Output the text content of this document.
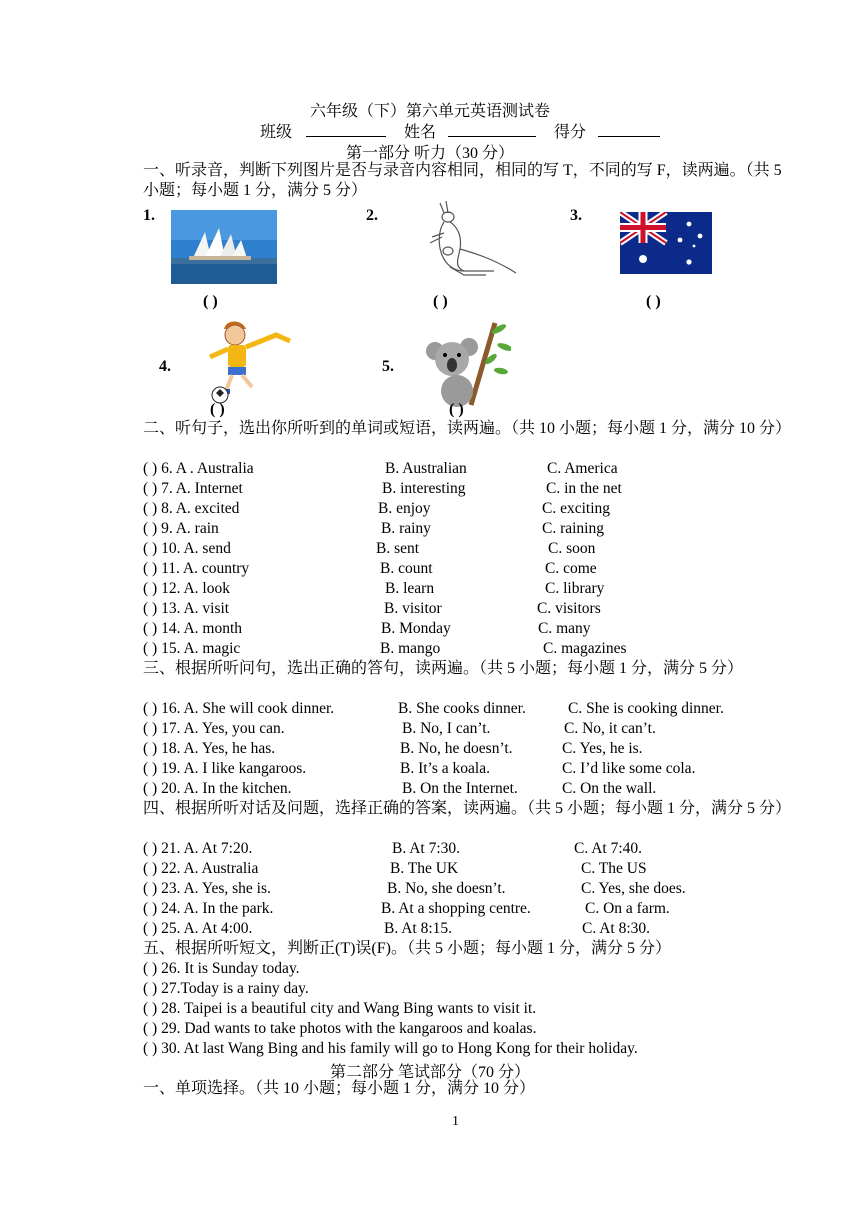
六年级（下）第六单元英语测试卷
班级	姓名	得分
第一部分 听力（30 分）
一、听录音，判断下列图片是否与录音内容相同，相同的写 T，不同的写 F，读两遍。（共 5 小题；每小题 1 分，满分 5 分）
1.	2.	3.
( )	( )	( )
4.	5.
( )	( )
二、听句子，选出你所听到的单词或短语，读两遍。（共 10 小题；每小题 1 分，满分 10 分）
( ) 6. A . Australia	B. Australian	C. America
( ) 7. A. Internet	B. interesting	C. in the net
( ) 8. A. excited	B. enjoy	C. exciting
( ) 9. A. rain	B. rainy	C. raining
( ) 10. A. send	B. sent	C. soon
( ) 11. A. country	B. count	C. come
( ) 12. A. look	B. learn	C. library
( ) 13. A. visit	B. visitor	C. visitors
( ) 14. A. month	B. Monday	C. many
( ) 15. A. magic	B. mango	C. magazines
三、根据所听问句，选出正确的答句，读两遍。（共 5 小题；每小题 1 分，满分 5 分）
( ) 16. A. She will cook dinner.	B. She cooks dinner.	C. She is cooking dinner.
( ) 17. A. Yes, you can.	B. No, I can’t.	C. No, it can’t.
( ) 18. A. Yes, he has.	B. No, he doesn’t.	C. Yes, he is.
( ) 19. A. I like kangaroos.	B. It’s a koala.	C. I’d like some cola.
( ) 20. A. In the kitchen.	B. On the Internet.	C. On the wall.
四、根据所听对话及问题，选择正确的答案，读两遍。（共 5 小题；每小题 1 分，满分 5 分）
( ) 21. A. At 7:20.	B. At 7:30.	C. At 7:40.
( ) 22. A. Australia	B. The UK	C. The US
( ) 23. A. Yes, she is.	B. No, she doesn’t.	C. Yes, she does.
( ) 24. A. In the park.	B. At a shopping centre.	C. On a farm.
( ) 25. A. At 4:00.	B. At 8:15.	C. At 8:30.
五、根据所听短文，判断正(T)误(F)。（共 5 小题；每小题 1 分，满分 5 分）
( ) 26. It is Sunday today.
( ) 27.Today is a rainy day.
( ) 28. Taipei is a beautiful city and Wang Bing wants to visit it.
( ) 29. Dad wants to take photos with the kangaroos and koalas.
( ) 30. At last Wang Bing and his family will go to Hong Kong for their holiday.
第二部分 笔试部分（70 分）
一、单项选择。（共 10 小题；每小题 1 分，满分 10 分）
1
